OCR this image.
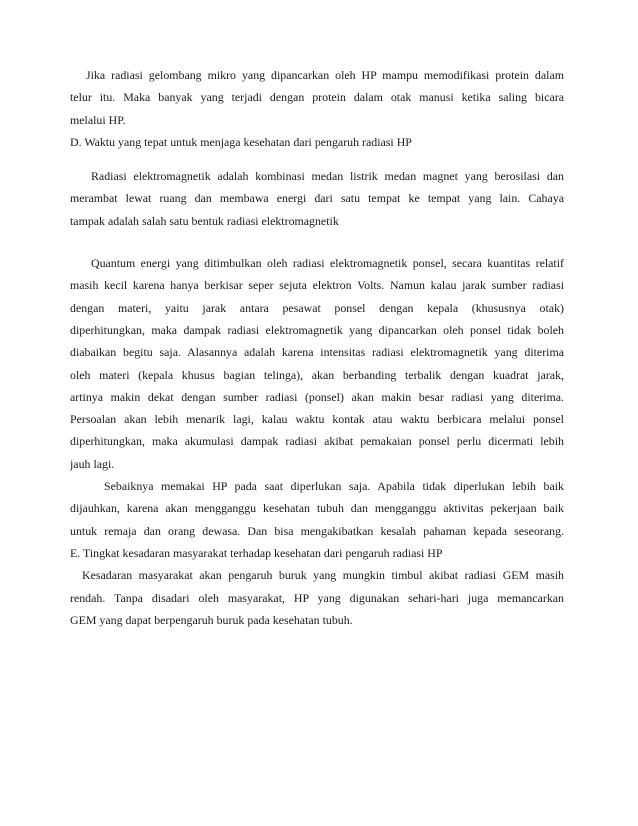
Jika radiasi gelombang mikro yang dipancarkan oleh HP mampu memodifikasi protein dalam
telur itu. Maka banyak yang terjadi dengan protein dalam otak manusi ketika saling bicara
melalui HP.
D. Waktu yang tepat untuk menjaga kesehatan dari pengaruh radiasi HP
Radiasi elektromagnetik adalah kombinasi medan listrik medan magnet yang berosilasi dan
merambat lewat ruang dan membawa energi dari satu tempat ke tempat yang lain. Cahaya
tampak adalah salah satu bentuk radiasi elektromagnetik
Quantum energi yang ditimbulkan oleh radiasi elektromagnetik ponsel, secara kuantitas relatif
masih kecil karena hanya berkisar seper sejuta elektron Volts. Namun kalau jarak sumber radiasi
dengan materi, yaitu jarak antara pesawat ponsel dengan kepala (khususnya otak)
diperhitungkan, maka dampak radiasi elektromagnetik yang dipancarkan oleh ponsel tidak boleh
diabaikan begitu saja. Alasannya adalah karena intensitas radiasi elektromagnetik yang diterima
oleh materi (kepala khusus bagian telinga), akan berbanding terbalik dengan kuadrat jarak,
artinya makin dekat dengan sumber radiasi (ponsel) akan makin besar radiasi yang diterima.
Persoalan akan lebih menarik lagi, kalau waktu kontak atau waktu berbicara melalui ponsel
diperhitungkan, maka akumulasi dampak radiasi akibat pemakaian ponsel perlu dicermati lebih
jauh lagi.
Sebaiknya memakai HP pada saat diperlukan saja. Apabila tidak diperlukan lebih baik
dijauhkan, karena akan mengganggu kesehatan tubuh dan mengganggu aktivitas pekerjaan baik
untuk remaja dan orang dewasa. Dan bisa mengakibatkan kesalah pahaman kepada seseorang.
E. Tingkat kesadaran masyarakat terhadap kesehatan dari pengaruh radiasi HP
Kesadaran masyarakat akan pengaruh buruk yang mungkin timbul akibat radiasi GEM masih
rendah. Tanpa disadari oleh masyarakat, HP yang digunakan sehari-hari juga memancarkan
GEM yang dapat berpengaruh buruk pada kesehatan tubuh.
